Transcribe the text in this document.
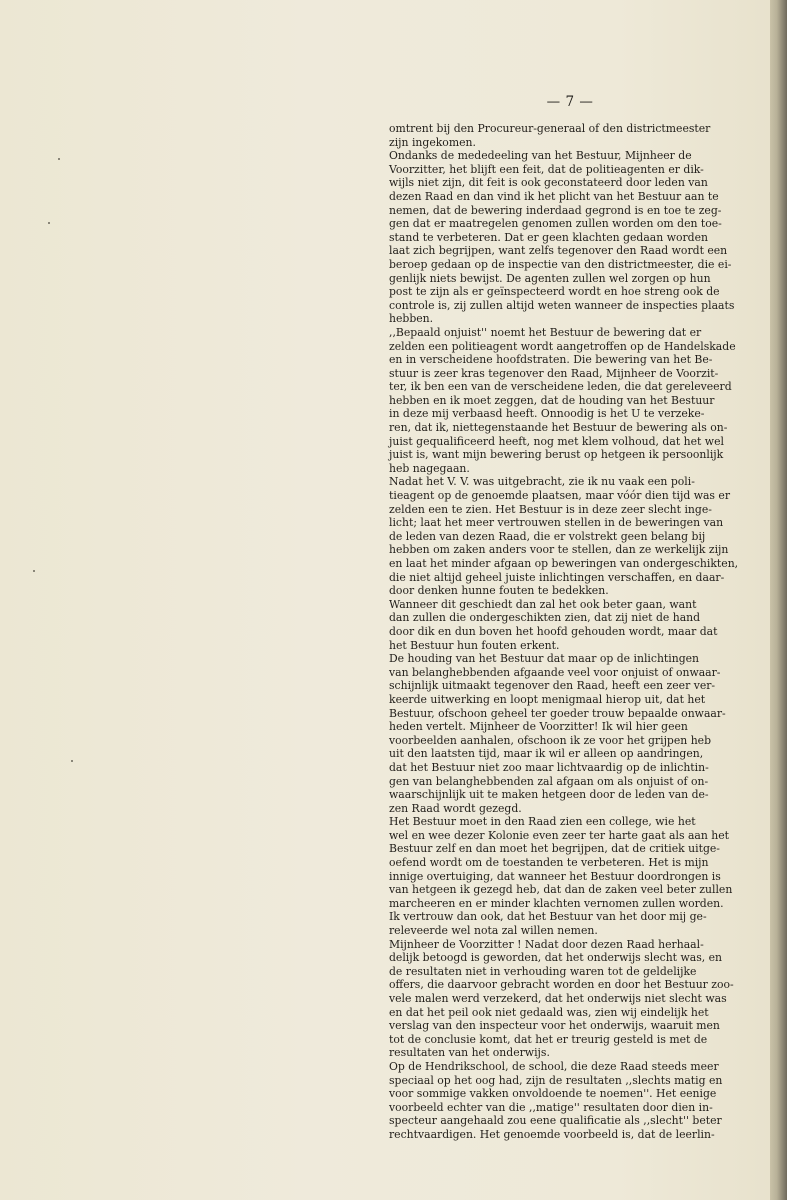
— 7 —
omtrent bij den Procureur-generaal of den districtmeester
zijn ingekomen.
Ondanks de mededeeling van het Bestuur, Mijnheer de
Voorzitter, het blijft een feit, dat de politieagenten er dik-
wijls niet zijn, dit feit is ook geconstateerd door leden van
dezen Raad en dan vind ik het plicht van het Bestuur aan te
nemen, dat de bewering inderdaad gegrond is en toe te zeg-
gen dat er maatregelen genomen zullen worden om den toe-
stand te verbeteren. Dat er geen klachten gedaan worden
laat zich begrijpen, want zelfs tegenover den Raad wordt een
beroep gedaan op de inspectie van den districtmeester, die ei-
genlijk niets bewijst. De agenten zullen wel zorgen op hun
post te zijn als er geïnspecteerd wordt en hoe streng ook de
controle is, zij zullen altijd weten wanneer de inspecties plaats
hebben.
,,Bepaald onjuist'' noemt het Bestuur de bewering dat er
zelden een politieagent wordt aangetroffen op de Handelskade
en in verscheidene hoofdstraten. Die bewering van het Be-
stuur is zeer kras tegenover den Raad, Mijnheer de Voorzit-
ter, ik ben een van de verscheidene leden, die dat gereleveerd
hebben en ik moet zeggen, dat de houding van het Bestuur
in deze mij verbaasd heeft. Onnoodig is het U te verzeke-
ren, dat ik, niettegenstaande het Bestuur de bewering als on-
juist gequalificeerd heeft, nog met klem volhoud, dat het wel
juist is, want mijn bewering berust op hetgeen ik persoonlijk
heb nagegaan.
Nadat het V. V. was uitgebracht, zie ik nu vaak een poli-
tieagent op de genoemde plaatsen, maar vóór dien tijd was er
zelden een te zien. Het Bestuur is in deze zeer slecht inge-
licht; laat het meer vertrouwen stellen in de beweringen van
de leden van dezen Raad, die er volstrekt geen belang bij
hebben om zaken anders voor te stellen, dan ze werkelijk zijn
en laat het minder afgaan op beweringen van ondergeschikten,
die niet altijd geheel juiste inlichtingen verschaffen, en daar-
door denken hunne fouten te bedekken.
Wanneer dit geschiedt dan zal het ook beter gaan, want
dan zullen die ondergeschikten zien, dat zij niet de hand
door dik en dun boven het hoofd gehouden wordt, maar dat
het Bestuur hun fouten erkent.
De houding van het Bestuur dat maar op de inlichtingen
van belanghebbenden afgaande veel voor onjuist of onwaar-
schijnlijk uitmaakt tegenover den Raad, heeft een zeer ver-
keerde uitwerking en loopt menigmaal hierop uit, dat het
Bestuur, ofschoon geheel ter goeder trouw bepaalde onwaar-
heden vertelt. Mijnheer de Voorzitter! Ik wil hier geen
voorbeelden aanhalen, ofschoon ik ze voor het grijpen heb
uit den laatsten tijd, maar ik wil er alleen op aandringen,
dat het Bestuur niet zoo maar lichtvaardig op de inlichtin-
gen van belanghebbenden zal afgaan om als onjuist of on-
waarschijnlijk uit te maken hetgeen door de leden van de-
zen Raad wordt gezegd.
Het Bestuur moet in den Raad zien een college, wie het
wel en wee dezer Kolonie even zeer ter harte gaat als aan het
Bestuur zelf en dan moet het begrijpen, dat de critiek uitge-
oefend wordt om de toestanden te verbeteren. Het is mijn
innige overtuiging, dat wanneer het Bestuur doordrongen is
van hetgeen ik gezegd heb, dat dan de zaken veel beter zullen
marcheeren en er minder klachten vernomen zullen worden.
Ik vertrouw dan ook, dat het Bestuur van het door mij ge-
releveerde wel nota zal willen nemen.
Mijnheer de Voorzitter ! Nadat door dezen Raad herhaal-
delijk betoogd is geworden, dat het onderwijs slecht was, en
de resultaten niet in verhouding waren tot de geldelijke
offers, die daarvoor gebracht worden en door het Bestuur zoo-
vele malen werd verzekerd, dat het onderwijs niet slecht was
en dat het peil ook niet gedaald was, zien wij eindelijk het
verslag van den inspecteur voor het onderwijs, waaruit men
tot de conclusie komt, dat het er treurig gesteld is met de
resultaten van het onderwijs.
Op de Hendrikschool, de school, die deze Raad steeds meer
speciaal op het oog had, zijn de resultaten ,,slechts matig en
voor sommige vakken onvoldoende te noemen''. Het eenige
voorbeeld echter van die ,,matige'' resultaten door dien in-
specteur aangehaald zou eene qualificatie als ,,slecht'' beter
rechtvaardigen. Het genoemde voorbeeld is, dat de leerlin-
